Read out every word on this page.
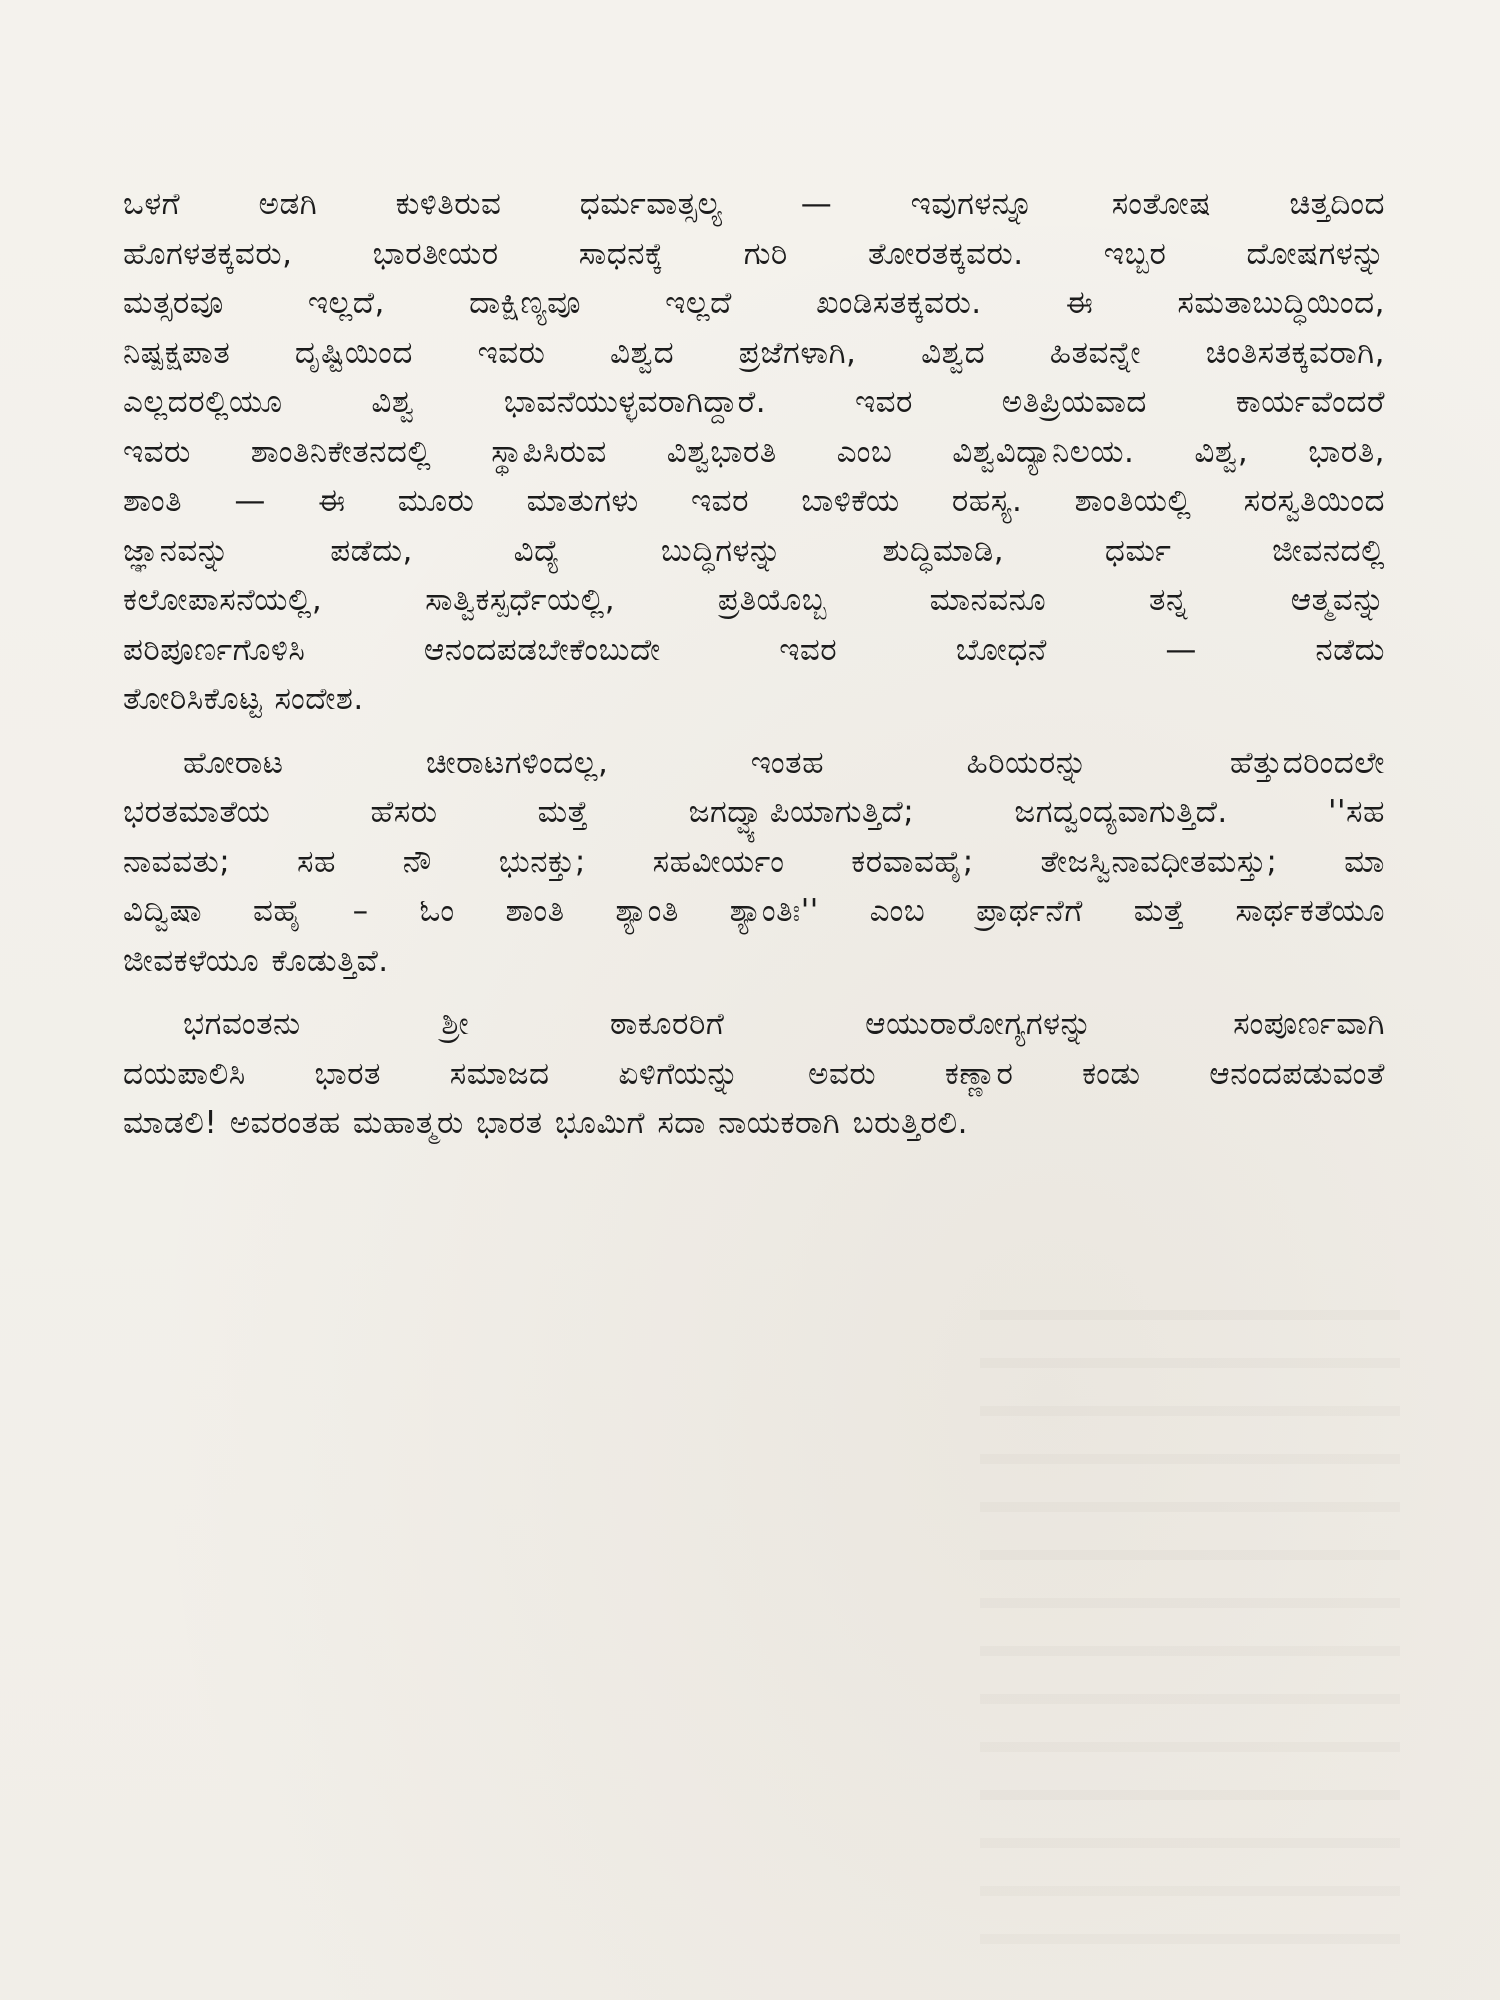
ಒಳಗೆ ಅಡಗಿ ಕುಳಿತಿರುವ ಧರ್ಮವಾತ್ಸಲ್ಯ — ಇವುಗಳನ್ನೂ ಸಂತೋಷ ಚಿತ್ತದಿಂದ
ಹೊಗಳತಕ್ಕವರು, ಭಾರತೀಯರ ಸಾಧನಕ್ಕೆ ಗುರಿ ತೋರತಕ್ಕವರು. ಇಬ್ಬರ ದೋಷಗಳನ್ನು
ಮತ್ಸರವೂ ಇಲ್ಲದೆ, ದಾಕ್ಷಿಣ್ಯವೂ ಇಲ್ಲದೆ ಖಂಡಿಸತಕ್ಕವರು. ಈ ಸಮತಾಬುದ್ಧಿಯಿಂದ,
ನಿಷ್ಪಕ್ಷಪಾತ ದೃಷ್ಟಿಯಿಂದ ಇವರು ವಿಶ್ವದ ಪ್ರಜೆಗಳಾಗಿ, ವಿಶ್ವದ ಹಿತವನ್ನೇ ಚಿಂತಿಸತಕ್ಕವರಾಗಿ,
ಎಲ್ಲದರಲ್ಲಿಯೂ ವಿಶ್ವ ಭಾವನೆಯುಳ್ಳವರಾಗಿದ್ದಾರೆ. ಇವರ ಅತಿಪ್ರಿಯವಾದ ಕಾರ್ಯವೆಂದರೆ
ಇವರು ಶಾಂತಿನಿಕೇತನದಲ್ಲಿ ಸ್ಥಾಪಿಸಿರುವ ವಿಶ್ವಭಾರತಿ ಎಂಬ ವಿಶ್ವವಿದ್ಯಾನಿಲಯ. ವಿಶ್ವ, ಭಾರತಿ,
ಶಾಂತಿ — ಈ ಮೂರು ಮಾತುಗಳು ಇವರ ಬಾಳಿಕೆಯ ರಹಸ್ಯ. ಶಾಂತಿಯಲ್ಲಿ ಸರಸ್ವತಿಯಿಂದ
ಜ್ಞಾನವನ್ನು ಪಡೆದು, ವಿದ್ಯೆ ಬುದ್ಧಿಗಳನ್ನು ಶುದ್ಧಿಮಾಡಿ, ಧರ್ಮ ಜೀವನದಲ್ಲಿ
ಕಲೋಪಾಸನೆಯಲ್ಲಿ, ಸಾತ್ವಿಕಸ್ಪರ್ಧೆಯಲ್ಲಿ, ಪ್ರತಿಯೊಬ್ಬ ಮಾನವನೂ ತನ್ನ ಆತ್ಮವನ್ನು
ಪರಿಪೂರ್ಣಗೊಳಿಸಿ ಆನಂದಪಡಬೇಕೆಂಬುದೇ ಇವರ ಬೋಧನೆ — ನಡೆದು
ತೋರಿಸಿಕೊಟ್ಟ ಸಂದೇಶ.

ಹೋರಾಟ ಚೀರಾಟಗಳಿಂದಲ್ಲ, ಇಂತಹ ಹಿರಿಯರನ್ನು ಹೆತ್ತುದರಿಂದಲೇ
ಭರತಮಾತೆಯ ಹೆಸರು ಮತ್ತೆ ಜಗದ್ವ್ಯಾಪಿಯಾಗುತ್ತಿದೆ; ಜಗದ್ವಂದ್ಯವಾಗುತ್ತಿದೆ. ''ಸಹ
ನಾವವತು; ಸಹ ನೌ ಭುನಕ್ತು; ಸಹವೀರ್ಯಂ ಕರವಾವಹೈ; ತೇಜಸ್ವಿನಾವಧೀತಮಸ್ತು; ಮಾ
ವಿದ್ವಿಷಾ ವಹೈ – ಓಂ ಶಾಂತಿ ಶ್ಯಾಂತಿ ಶ್ಯಾಂತಿಃ'' ಎಂಬ ಪ್ರಾರ್ಥನೆಗೆ ಮತ್ತೆ ಸಾರ್ಥಕತೆಯೂ
ಜೀವಕಳೆಯೂ ಕೊಡುತ್ತಿವೆ.

ಭಗವಂತನು ಶ್ರೀ ಠಾಕೂರರಿಗೆ ಆಯುರಾರೋಗ್ಯಗಳನ್ನು ಸಂಪೂರ್ಣವಾಗಿ
ದಯಪಾಲಿಸಿ ಭಾರತ ಸಮಾಜದ ಏಳಿಗೆಯನ್ನು ಅವರು ಕಣ್ಣಾರ ಕಂಡು ಆನಂದಪಡುವಂತೆ
ಮಾಡಲಿ! ಅವರಂತಹ ಮಹಾತ್ಮರು ಭಾರತ ಭೂಮಿಗೆ ಸದಾ ನಾಯಕರಾಗಿ ಬರುತ್ತಿರಲಿ.
